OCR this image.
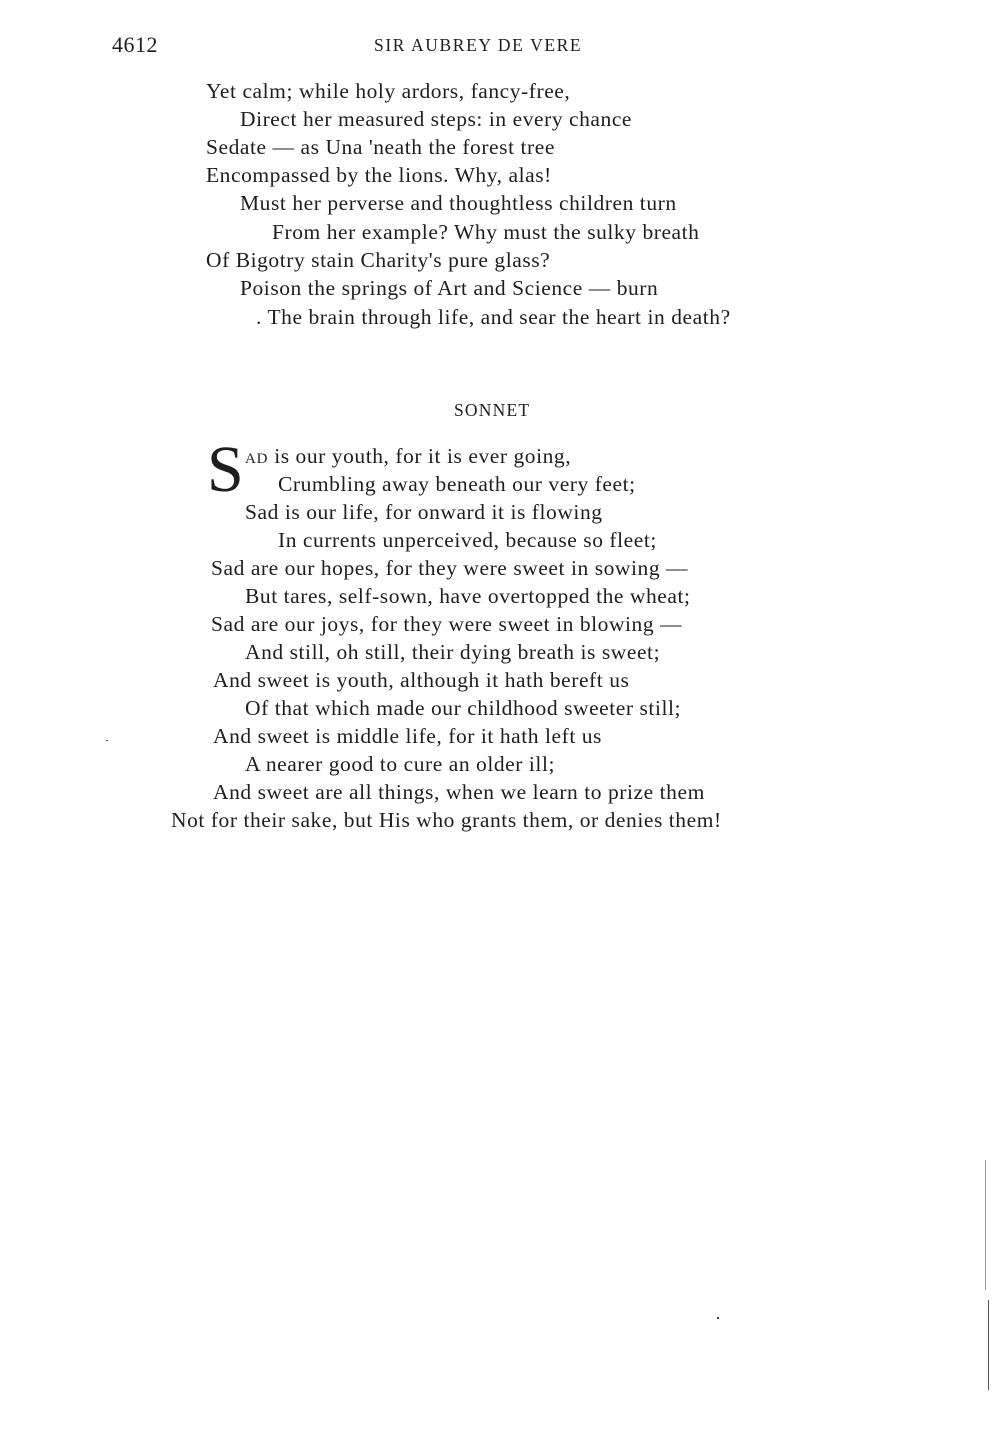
4612	SIR AUBREY DE VERE
Yet calm; while holy ardors, fancy-free,
Direct her measured steps: in every chance
Sedate — as Una 'neath the forest tree
Encompassed by the lions. Why, alas!
Must her perverse and thoughtless children turn
From her example? Why must the sulky breath
Of Bigotry stain Charity's pure glass?
Poison the springs of Art and Science — burn
. The brain through life, and sear the heart in death?
SONNET
S AD is our youth, for it is ever going,
Crumbling away beneath our very feet;
Sad is our life, for onward it is flowing
In currents unperceived, because so fleet;
Sad are our hopes, for they were sweet in sowing —
But tares, self-sown, have overtopped the wheat;
Sad are our joys, for they were sweet in blowing —
And still, oh still, their dying breath is sweet;
And sweet is youth, although it hath bereft us
Of that which made our childhood sweeter still;
And sweet is middle life, for it hath left us
A nearer good to cure an older ill;
And sweet are all things, when we learn to prize them
Not for their sake, but His who grants them, or denies them!
